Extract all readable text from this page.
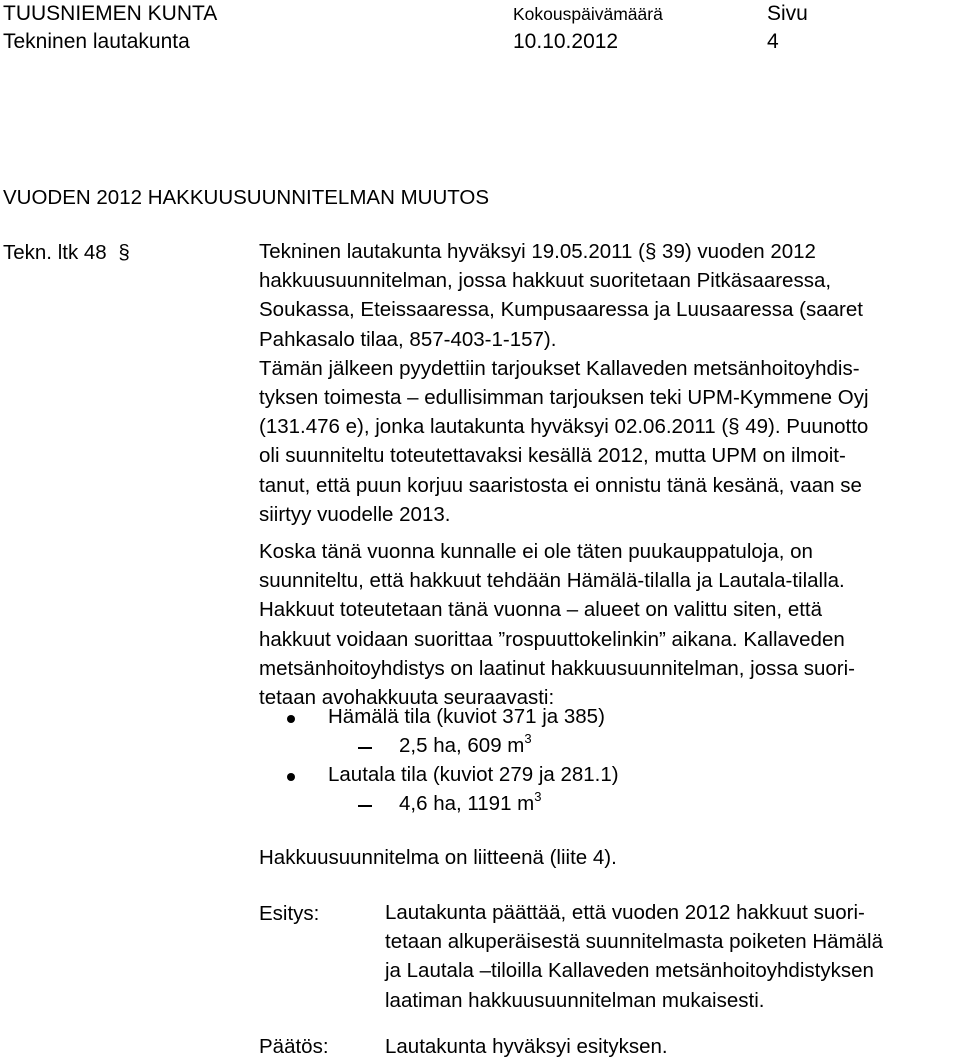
TUUSNIEMEN KUNTA
Tekninen lautakunta
Kokouspäivämäärä
10.10.2012
Sivu
4
VUODEN 2012 HAKKUUSUUNNITELMAN MUUTOS
Tekn. ltk 48 §	Tekninen lautakunta hyväksyi 19.05.2011 (§ 39) vuoden 2012
hakkuusuunnitelman, jossa hakkuut suoritetaan Pitkäsaaressa,
Soukassa, Eteissaaressa, Kumpusaaressa ja Luusaaressa (saaret
Pahkasalo tilaa, 857-403-1-157).
Tämän jälkeen pyydettiin tarjoukset Kallaveden metsänhoitoyhdis-
tyksen toimesta – edullisimman tarjouksen teki UPM-Kymmene Oyj
(131.476 e), jonka lautakunta hyväksyi 02.06.2011 (§ 49). Puunotto
oli suunniteltu toteutettavaksi kesällä 2012, mutta UPM on ilmoit-
tanut, että puun korjuu saaristosta ei onnistu tänä kesänä, vaan se
siirtyy vuodelle 2013.
Koska tänä vuonna kunnalle ei ole täten puukauppatuloja, on
suunniteltu, että hakkuut tehdään Hämälä-tilalla ja Lautala-tilalla.
Hakkuut toteutetaan tänä vuonna – alueet on valittu siten, että
hakkuut voidaan suorittaa ”rospuuttokelinkin” aikana. Kallaveden
metsänhoitoyhdistys on laatinut hakkuusuunnitelman, jossa suori-
tetaan avohakkuuta seuraavasti:
Hämälä tila (kuviot 371 ja 385)
2,5 ha, 609 $m^3$
Lautala tila (kuviot 279 ja 281.1)
4,6 ha, 1191 $m^3$
Hakkuusuunnitelma on liitteenä (liite 4).
Esitys:	Lautakunta päättää, että vuoden 2012 hakkuut suori-
tetaan alkuperäisestä suunnitelmasta poiketen Hämälä
ja Lautala –tiloilla Kallaveden metsänhoitoyhdistyksen
laatiman hakkuusuunnitelman mukaisesti.
Päätös:	Lautakunta hyväksyi esityksen.
